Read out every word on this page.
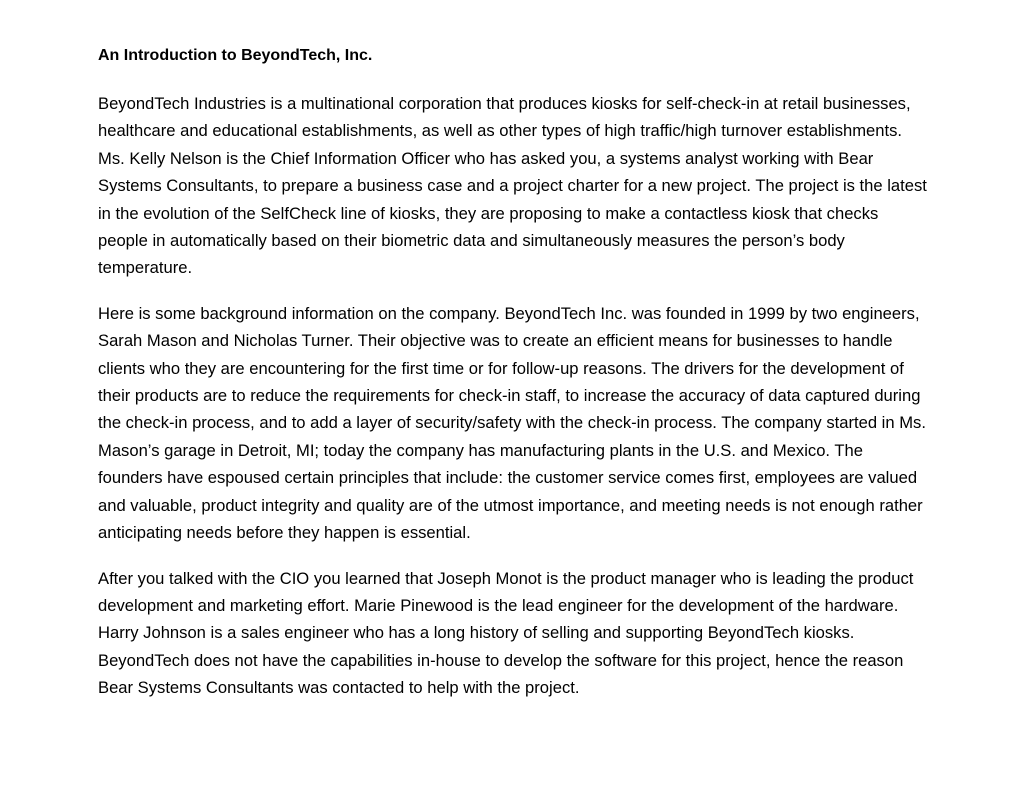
An Introduction to BeyondTech, Inc.

BeyondTech Industries is a multinational corporation that produces kiosks for self-check-in at retail businesses, healthcare and educational establishments, as well as other types of high traffic/high turnover establishments. Ms. Kelly Nelson is the Chief Information Officer who has asked you, a systems analyst working with Bear Systems Consultants, to prepare a business case and a project charter for a new project. The project is the latest in the evolution of the SelfCheck line of kiosks, they are proposing to make a contactless kiosk that checks people in automatically based on their biometric data and simultaneously measures the person’s body temperature.

Here is some background information on the company. BeyondTech Inc. was founded in 1999 by two engineers, Sarah Mason and Nicholas Turner. Their objective was to create an efficient means for businesses to handle clients who they are encountering for the first time or for follow-up reasons. The drivers for the development of their products are to reduce the requirements for check-in staff, to increase the accuracy of data captured during the check-in process, and to add a layer of security/safety with the check-in process. The company started in Ms. Mason’s garage in Detroit, MI; today the company has manufacturing plants in the U.S. and Mexico. The founders have espoused certain principles that include: the customer service comes first, employees are valued and valuable, product integrity and quality are of the utmost importance, and meeting needs is not enough rather anticipating needs before they happen is essential.

After you talked with the CIO you learned that Joseph Monot is the product manager who is leading the product development and marketing effort. Marie Pinewood is the lead engineer for the development of the hardware. Harry Johnson is a sales engineer who has a long history of selling and supporting BeyondTech kiosks. BeyondTech does not have the capabilities in-house to develop the software for this project, hence the reason Bear Systems Consultants was contacted to help with the project.
